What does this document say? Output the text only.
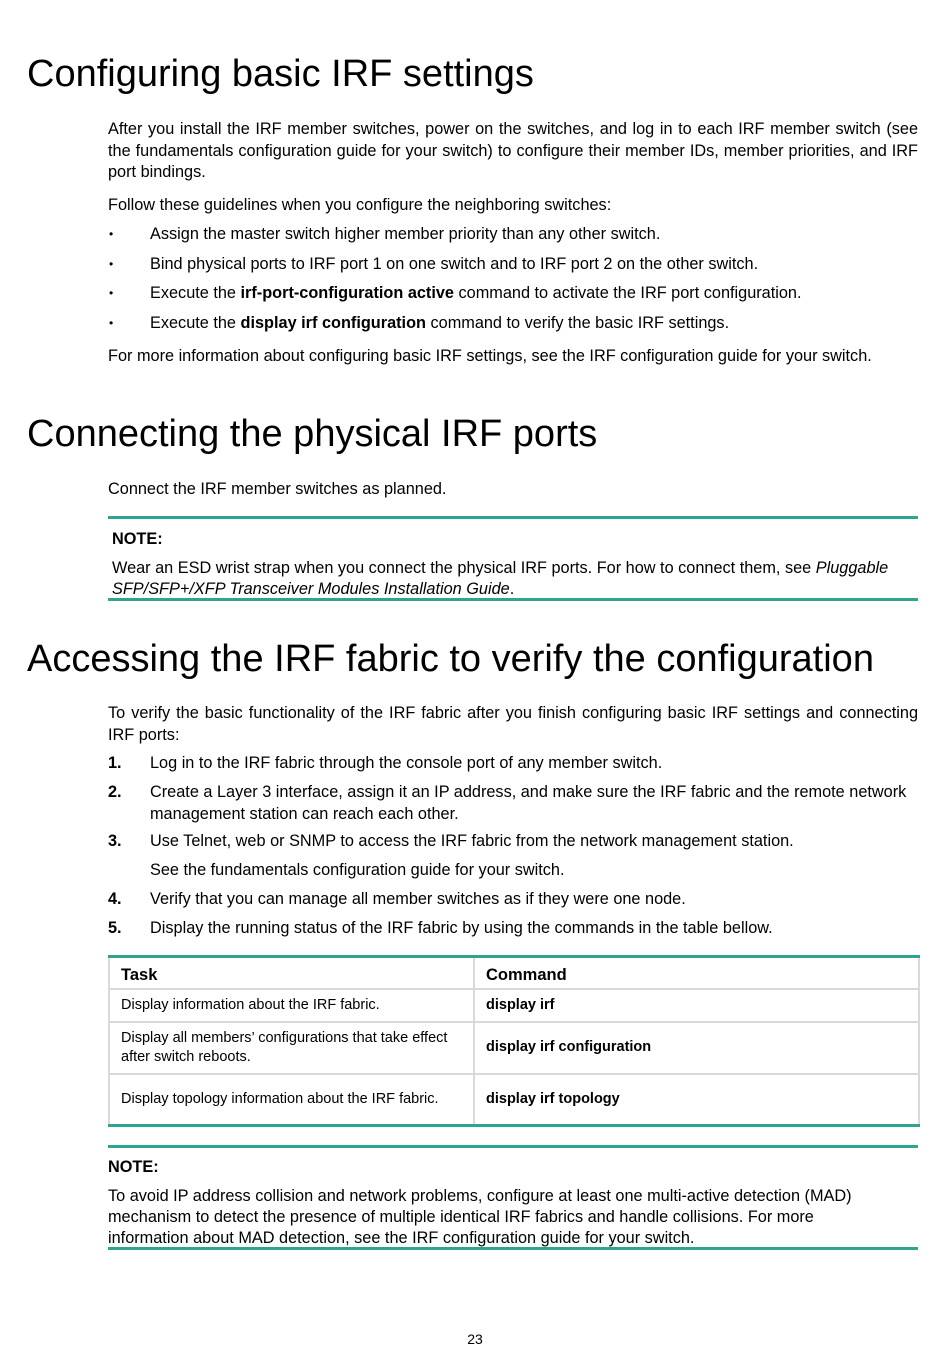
Configuring basic IRF settings

After you install the IRF member switches, power on the switches, and log in to each IRF member switch (see the fundamentals configuration guide for your switch) to configure their member IDs, member priorities, and IRF port bindings.

Follow these guidelines when you configure the neighboring switches:

• Assign the master switch higher member priority than any other switch.
• Bind physical ports to IRF port 1 on one switch and to IRF port 2 on the other switch.
• Execute the irf-port-configuration active command to activate the IRF port configuration.
• Execute the display irf configuration command to verify the basic IRF settings.

For more information about configuring basic IRF settings, see the IRF configuration guide for your switch.

Connecting the physical IRF ports

Connect the IRF member switches as planned.

NOTE:
Wear an ESD wrist strap when you connect the physical IRF ports. For how to connect them, see Pluggable SFP/SFP+/XFP Transceiver Modules Installation Guide.
Accessing the IRF fabric to verify the configuration

To verify the basic functionality of the IRF fabric after you finish configuring basic IRF settings and connecting IRF ports:

1. Log in to the IRF fabric through the console port of any member switch.
2. Create a Layer 3 interface, assign it an IP address, and make sure the IRF fabric and the remote network management station can reach each other.
3. Use Telnet, web or SNMP to access the IRF fabric from the network management station.
See the fundamentals configuration guide for your switch.
4. Verify that you can manage all member switches as if they were one node.
5. Display the running status of the IRF fabric by using the commands in the table bellow.
Task	Command
Display information about the IRF fabric.	display irf
Display all members’ configurations that take effect after switch reboots.	display irf configuration
Display topology information about the IRF fabric.	display irf topology
NOTE:
To avoid IP address collision and network problems, configure at least one multi-active detection (MAD) mechanism to detect the presence of multiple identical IRF fabrics and handle collisions. For more information about MAD detection, see the IRF configuration guide for your switch.
23
